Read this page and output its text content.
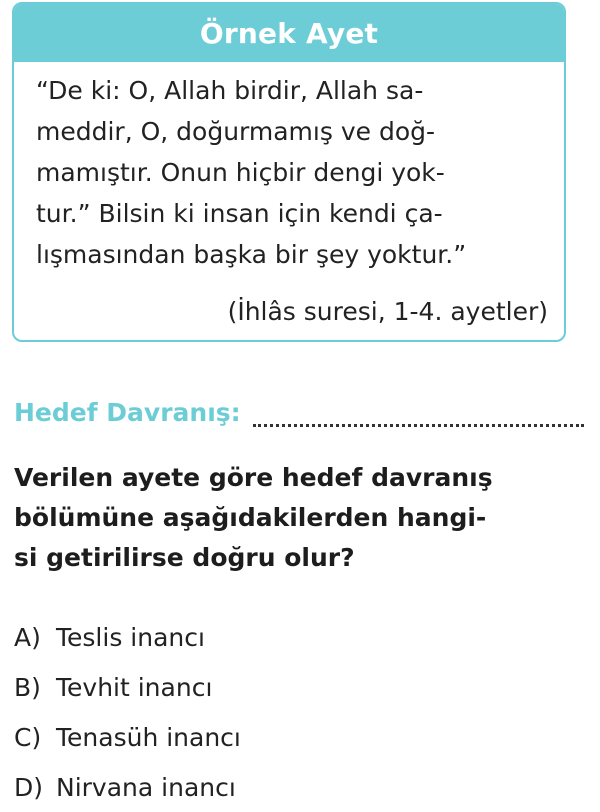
Örnek Ayet
“De ki: O, Allah birdir, Allah sa-
meddir, O, doğurmamış ve doğ-
mamıştır. Onun hiçbir dengi yok-
tur.” Bilsin ki insan için kendi ça-
lışmasından başka bir şey yoktur.”
(İhlâs suresi, 1-4. ayetler)
Hedef Davranış:
Verilen ayete göre hedef davranış
bölümüne aşağıdakilerden hangi-
si getirilirse doğru olur?
A) Teslis inancı
B) Tevhit inancı
C) Tenasüh inancı
D) Nirvana inancı
